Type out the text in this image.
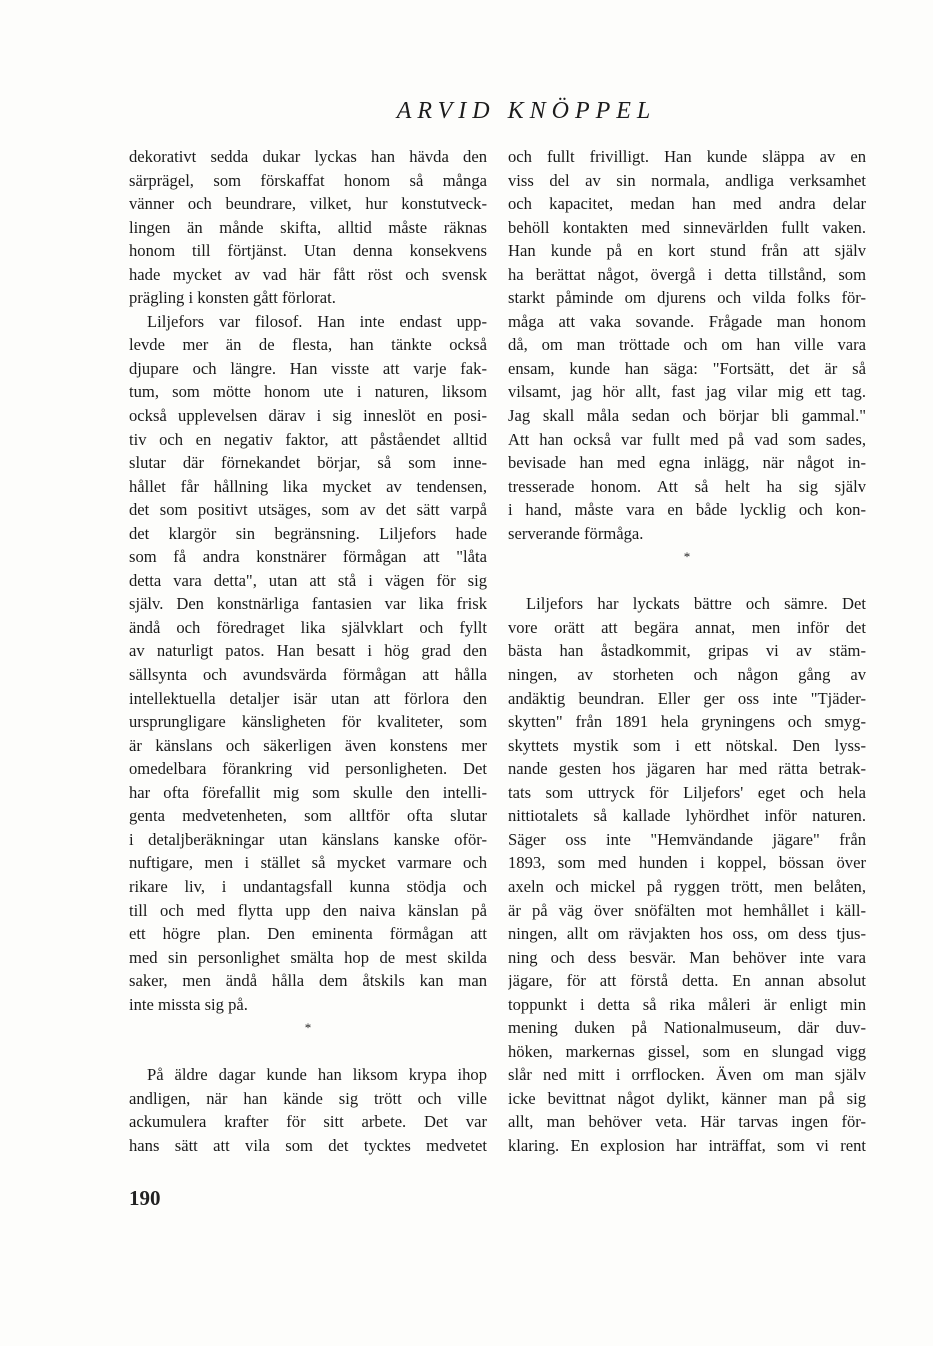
ARVID KNÖPPEL
dekorativt sedda dukar lyckas han hävda den
särprägel, som förskaffat honom så många
vänner och beundrare, vilket, hur konstutveck-
lingen än månde skifta, alltid måste räknas
honom till förtjänst. Utan denna konsekvens
hade mycket av vad här fått röst och svensk
prägling i konsten gått förlorat.
Liljefors var filosof. Han inte endast upp-
levde mer än de flesta, han tänkte också
djupare och längre. Han visste att varje fak-
tum, som mötte honom ute i naturen, liksom
också upplevelsen därav i sig inneslöt en posi-
tiv och en negativ faktor, att påståendet alltid
slutar där förnekandet börjar, så som inne-
hållet får hållning lika mycket av tendensen,
det som positivt utsäges, som av det sätt varpå
det klargör sin begränsning. Liljefors hade
som få andra konstnärer förmågan att "låta
detta vara detta", utan att stå i vägen för sig
själv. Den konstnärliga fantasien var lika frisk
ändå och föredraget lika självklart och fyllt
av naturligt patos. Han besatt i hög grad den
sällsynta och avundsvärda förmågan att hålla
intellektuella detaljer isär utan att förlora den
ursprungligare känsligheten för kvaliteter, som
är känslans och säkerligen även konstens mer
omedelbara förankring vid personligheten. Det
har ofta förefallit mig som skulle den intelli-
genta medvetenheten, som alltför ofta slutar
i detaljberäkningar utan känslans kanske oför-
nuftigare, men i stället så mycket varmare och
rikare liv, i undantagsfall kunna stödja och
till och med flytta upp den naiva känslan på
ett högre plan. Den eminenta förmågan att
med sin personlighet smälta hop de mest skilda
saker, men ändå hålla dem åtskils kan man
inte missta sig på.
*
På äldre dagar kunde han liksom krypa ihop
andligen, när han kände sig trött och ville
ackumulera krafter för sitt arbete. Det var
hans sätt att vila som det tycktes medvetet
och fullt frivilligt. Han kunde släppa av en
viss del av sin normala, andliga verksamhet
och kapacitet, medan han med andra delar
behöll kontakten med sinnevärlden fullt vaken.
Han kunde på en kort stund från att själv
ha berättat något, övergå i detta tillstånd, som
starkt påminde om djurens och vilda folks för-
måga att vaka sovande. Frågade man honom
då, om man tröttade och om han ville vara
ensam, kunde han säga: "Fortsätt, det är så
vilsamt, jag hör allt, fast jag vilar mig ett tag.
Jag skall måla sedan och börjar bli gammal."
Att han också var fullt med på vad som sades,
bevisade han med egna inlägg, när något in-
tresserade honom. Att så helt ha sig själv
i hand, måste vara en både lycklig och kon-
serverande förmåga.
*
Liljefors har lyckats bättre och sämre. Det
vore orätt att begära annat, men inför det
bästa han åstadkommit, gripas vi av stäm-
ningen, av storheten och någon gång av
andäktig beundran. Eller ger oss inte "Tjäder-
skytten" från 1891 hela gryningens och smyg-
skyttets mystik som i ett nötskal. Den lyss-
nande gesten hos jägaren har med rätta betrak-
tats som uttryck för Liljefors' eget och hela
nittiotalets så kallade lyhördhet inför naturen.
Säger oss inte "Hemvändande jägare" från
1893, som med hunden i koppel, bössan över
axeln och mickel på ryggen trött, men belåten,
är på väg över snöfälten mot hemhållet i käll-
ningen, allt om rävjakten hos oss, om dess tjus-
ning och dess besvär. Man behöver inte vara
jägare, för att förstå detta. En annan absolut
toppunkt i detta så rika måleri är enligt min
mening duken på Nationalmuseum, där duv-
höken, markernas gissel, som en slungad vigg
slår ned mitt i orrflocken. Även om man själv
icke bevittnat något dylikt, känner man på sig
allt, man behöver veta. Här tarvas ingen för-
klaring. En explosion har inträffat, som vi rent
190
